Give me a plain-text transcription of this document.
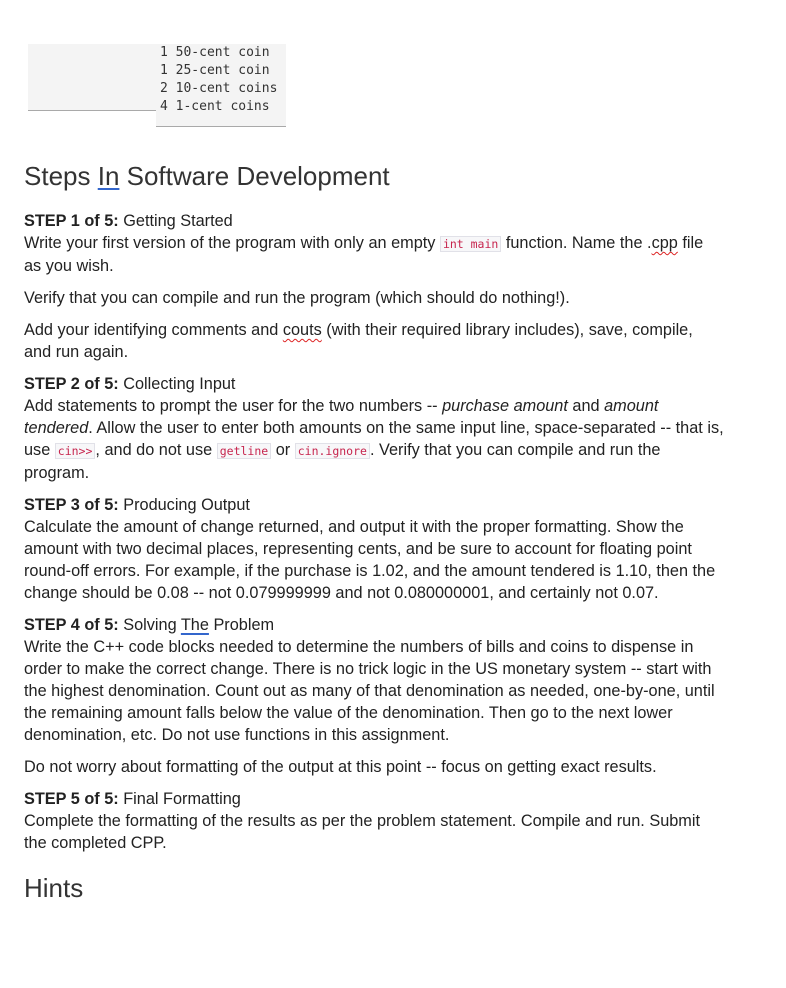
1 50-cent coin
1 25-cent coin
2 10-cent coins
4 1-cent coins
Steps In Software Development

STEP 1 of 5: Getting Started
Write your first version of the program with only an empty int main function. Name the .cpp file as you wish.

Verify that you can compile and run the program (which should do nothing!).

Add your identifying comments and couts (with their required library includes), save, compile, and run again.

STEP 2 of 5: Collecting Input
Add statements to prompt the user for the two numbers -- purchase amount and amount tendered. Allow the user to enter both amounts on the same input line, space-separated -- that is, use cin>> , and do not use getline or cin.ignore . Verify that you can compile and run the program.

STEP 3 of 5: Producing Output
Calculate the amount of change returned, and output it with the proper formatting. Show the amount with two decimal places, representing cents, and be sure to account for floating point round-off errors. For example, if the purchase is 1.02, and the amount tendered is 1.10, then the change should be 0.08 -- not 0.079999999 and not 0.080000001, and certainly not 0.07.

STEP 4 of 5: Solving The Problem
Write the C++ code blocks needed to determine the numbers of bills and coins to dispense in order to make the correct change. There is no trick logic in the US monetary system -- start with the highest denomination. Count out as many of that denomination as needed, one-by-one, until the remaining amount falls below the value of the denomination. Then go to the next lower denomination, etc. Do not use functions in this assignment.

Do not worry about formatting of the output at this point -- focus on getting exact results.

STEP 5 of 5: Final Formatting
Complete the formatting of the results as per the problem statement. Compile and run. Submit the completed CPP.

Hints
